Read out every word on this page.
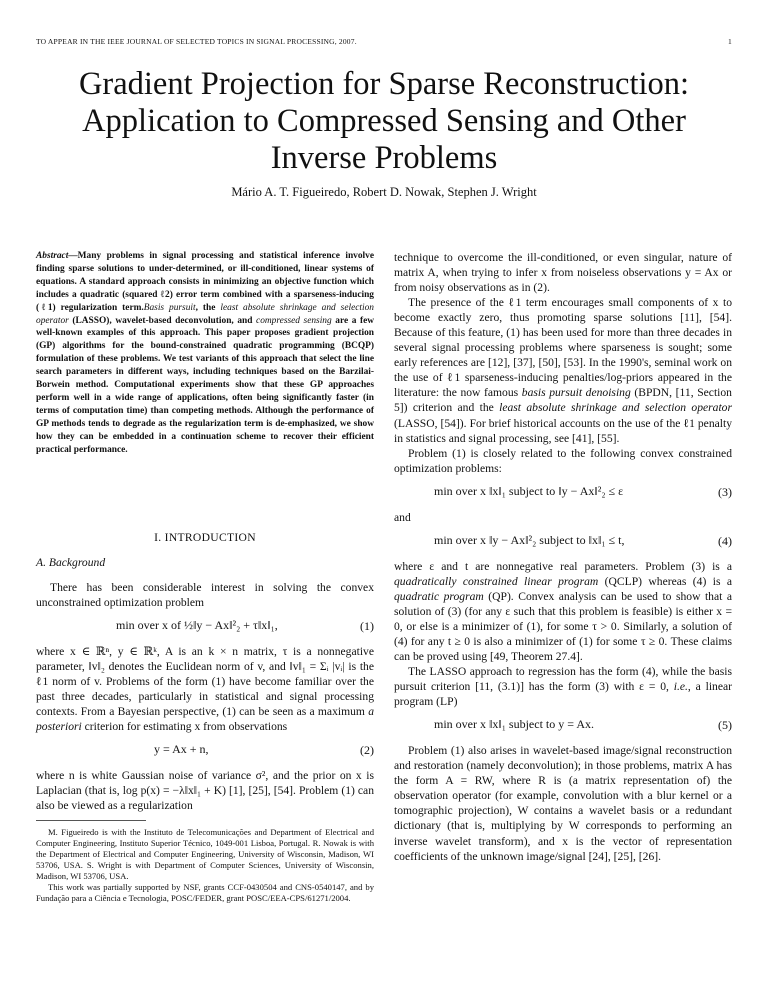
TO APPEAR IN THE IEEE JOURNAL OF SELECTED TOPICS IN SIGNAL PROCESSING, 2007.	1
Gradient Projection for Sparse Reconstruction:
Application to Compressed Sensing and Other
Inverse Problems
Mário A. T. Figueiredo, Robert D. Nowak, Stephen J. Wright

Abstract—Many problems in signal processing and statistical inference involve finding sparse solutions to under-determined, or ill-conditioned, linear systems of equations. A standard approach consists in minimizing an objective function which includes a quadratic (squared ℓ2) error term combined with a sparseness-inducing (ℓ1) regularization term.Basis pursuit, the least absolute shrinkage and selection operator (LASSO), wavelet-based deconvolution, and compressed sensing are a few well-known examples of this approach. This paper proposes gradient projection (GP) algorithms for the bound-constrained quadratic programming (BCQP) formulation of these problems. We test variants of this approach that select the line search parameters in different ways, including techniques based on the Barzilai-Borwein method. Computational experiments show that these GP approaches perform well in a wide range of applications, often being significantly faster (in terms of computation time) than competing methods. Although the performance of GP methods tends to degrade as the regularization term is de-emphasized, we show how they can be embedded in a continuation scheme to recover their efficient practical performance.

I. INTRODUCTION
A. Background

There has been considerable interest in solving the convex unconstrained optimization problem

min over x of ½‖y − Ax‖²₂ + τ‖x‖₁,	(1)

where x ∈ ℝⁿ, y ∈ ℝᵏ, A is an k × n matrix, τ is a nonnegative parameter, ‖v‖₂ denotes the Euclidean norm of v, and ‖v‖₁ = Σᵢ |vᵢ| is the ℓ1 norm of v. Problems of the form (1) have become familiar over the past three decades, particularly in statistical and signal processing contexts. From a Bayesian perspective, (1) can be seen as a maximum a posteriori criterion for estimating x from observations

y = Ax + n,	(2)

where n is white Gaussian noise of variance σ², and the prior on x is Laplacian (that is, log p(x) = −λ‖x‖₁ + K) [1], [25], [54]. Problem (1) can also be viewed as a regularization

M. Figueiredo is with the Instituto de Telecomunicações and Department of Electrical and Computer Engineering, Instituto Superior Técnico, 1049-001 Lisboa, Portugal. R. Nowak is with the Department of Electrical and Computer Engineering, University of Wisconsin, Madison, WI 53706, USA. S. Wright is with Department of Computer Sciences, University of Wisconsin, Madison, WI 53706, USA.

This work was partially supported by NSF, grants CCF-0430504 and CNS-0540147, and by Fundação para a Ciência e Tecnologia, POSC/FEDER, grant POSC/EEA-CPS/61271/2004.

technique to overcome the ill-conditioned, or even singular, nature of matrix A, when trying to infer x from noiseless observations y = Ax or from noisy observations as in (2).

The presence of the ℓ1 term encourages small components of x to become exactly zero, thus promoting sparse solutions [11], [54]. Because of this feature, (1) has been used for more than three decades in several signal processing problems where sparseness is sought; some early references are [12], [37], [50], [53]. In the 1990's, seminal work on the use of ℓ1 sparseness-inducing penalties/log-priors appeared in the literature: the now famous basis pursuit denoising (BPDN, [11, Section 5]) criterion and the least absolute shrinkage and selection operator (LASSO, [54]). For brief historical accounts on the use of the ℓ1 penalty in statistics and signal processing, see [41], [55].

Problem (1) is closely related to the following convex constrained optimization problems:

min over x ‖x‖₁ subject to ‖y − Ax‖²₂ ≤ ε	(3)

and

min over x ‖y − Ax‖²₂ subject to ‖x‖₁ ≤ t,	(4)

where ε and t are nonnegative real parameters. Problem (3) is a quadratically constrained linear program (QCLP) whereas (4) is a quadratic program (QP). Convex analysis can be used to show that a solution of (3) (for any ε such that this problem is feasible) is either x = 0, or else is a minimizer of (1), for some τ > 0. Similarly, a solution of (4) for any t ≥ 0 is also a minimizer of (1) for some τ ≥ 0. These claims can be proved using [49, Theorem 27.4].

The LASSO approach to regression has the form (4), while the basis pursuit criterion [11, (3.1)] has the form (3) with ε = 0, i.e., a linear program (LP)

min over x ‖x‖₁ subject to y = Ax.	(5)

Problem (1) also arises in wavelet-based image/signal reconstruction and restoration (namely deconvolution); in those problems, matrix A has the form A = RW, where R is (a matrix representation of) the observation operator (for example, convolution with a blur kernel or a tomographic projection), W contains a wavelet basis or a redundant dictionary (that is, multiplying by W corresponds to performing an inverse wavelet transform), and x is the vector of representation coefficients of the unknown image/signal [24], [25], [26].
